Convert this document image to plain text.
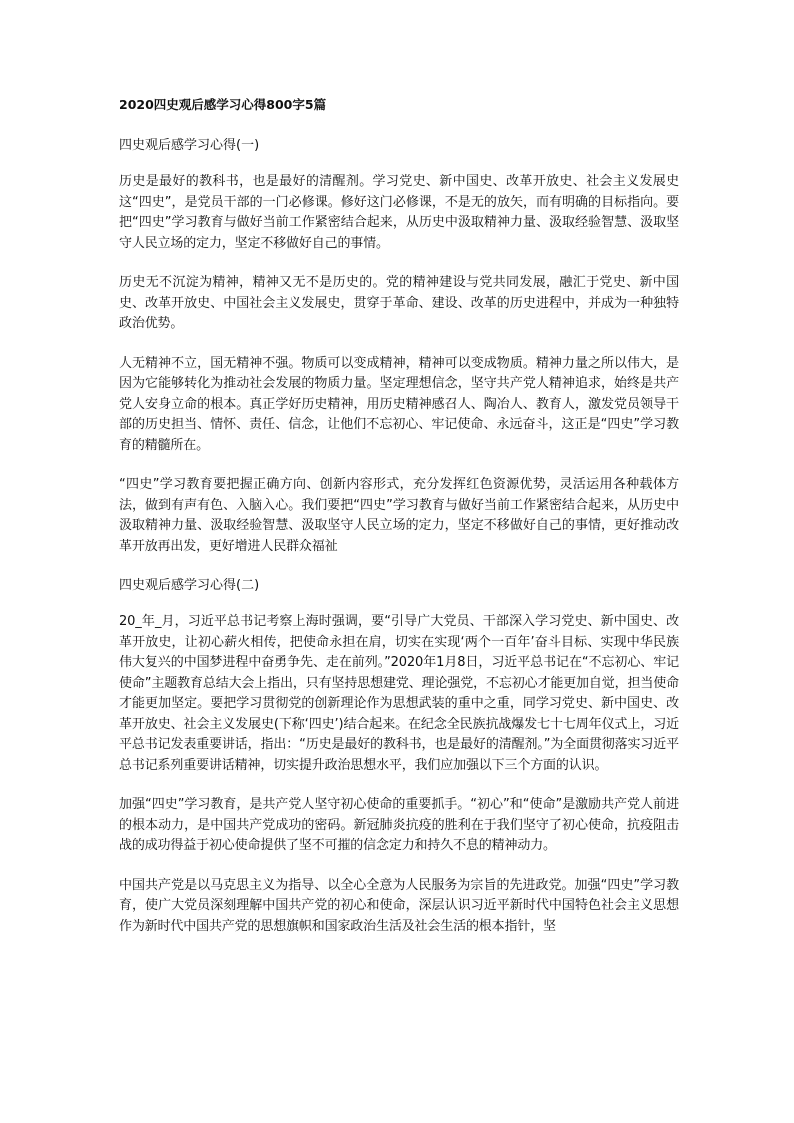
2020四史观后感学习心得800字5篇
四史观后感学习心得(一)

历史是最好的教科书，也是最好的清醒剂。学习党史、新中国史、改革开放史、社会主义发展史这“四史”，是党员干部的一门必修课。修好这门必修课，不是无的放矢，而有明确的目标指向。要把“四史”学习教育与做好当前工作紧密结合起来，从历史中汲取精神力量、汲取经验智慧、汲取坚守人民立场的定力，坚定不移做好自己的事情。

历史无不沉淀为精神，精神又无不是历史的。党的精神建设与党共同发展，融汇于党史、新中国史、改革开放史、中国社会主义发展史，贯穿于革命、建设、改革的历史进程中，并成为一种独特政治优势。

人无精神不立，国无精神不强。物质可以变成精神，精神可以变成物质。精神力量之所以伟大，是因为它能够转化为推动社会发展的物质力量。坚定理想信念，坚守共产党人精神追求，始终是共产党人安身立命的根本。真正学好历史精神，用历史精神感召人、陶冶人、教育人，激发党员领导干部的历史担当、情怀、责任、信念，让他们不忘初心、牢记使命、永远奋斗，这正是“四史”学习教育的精髓所在。

“四史”学习教育要把握正确方向、创新内容形式，充分发挥红色资源优势，灵活运用各种载体方法，做到有声有色、入脑入心。我们要把“四史”学习教育与做好当前工作紧密结合起来，从历史中汲取精神力量、汲取经验智慧、汲取坚守人民立场的定力，坚定不移做好自己的事情，更好推动改革开放再出发，更好增进人民群众福祉

四史观后感学习心得(二)

20_年_月，习近平总书记考察上海时强调，要“引导广大党员、干部深入学习党史、新中国史、改革开放史，让初心薪火相传，把使命永担在肩，切实在实现‘两个一百年’奋斗目标、实现中华民族伟大复兴的中国梦进程中奋勇争先、走在前列。”2020年1月8日，习近平总书记在“不忘初心、牢记使命”主题教育总结大会上指出，只有坚持思想建党、理论强党，不忘初心才能更加自觉，担当使命才能更加坚定。要把学习贯彻党的创新理论作为思想武装的重中之重，同学习党史、新中国史、改革开放史、社会主义发展史(下称‘四史’)结合起来。在纪念全民族抗战爆发七十七周年仪式上，习近平总书记发表重要讲话，指出：“历史是最好的教科书，也是最好的清醒剂。”为全面贯彻落实习近平总书记系列重要讲话精神，切实提升政治思想水平，我们应加强以下三个方面的认识。

加强“四史”学习教育，是共产党人坚守初心使命的重要抓手。“初心”和“使命”是激励共产党人前进的根本动力，是中国共产党成功的密码。新冠肺炎抗疫的胜利在于我们坚守了初心使命，抗疫阻击战的成功得益于初心使命提供了坚不可摧的信念定力和持久不息的精神动力。

中国共产党是以马克思主义为指导、以全心全意为人民服务为宗旨的先进政党。加强“四史”学习教育，使广大党员深刻理解中国共产党的初心和使命，深层认识习近平新时代中国特色社会主义思想作为新时代中国共产党的思想旗帜和国家政治生活及社会生活的根本指针，坚
